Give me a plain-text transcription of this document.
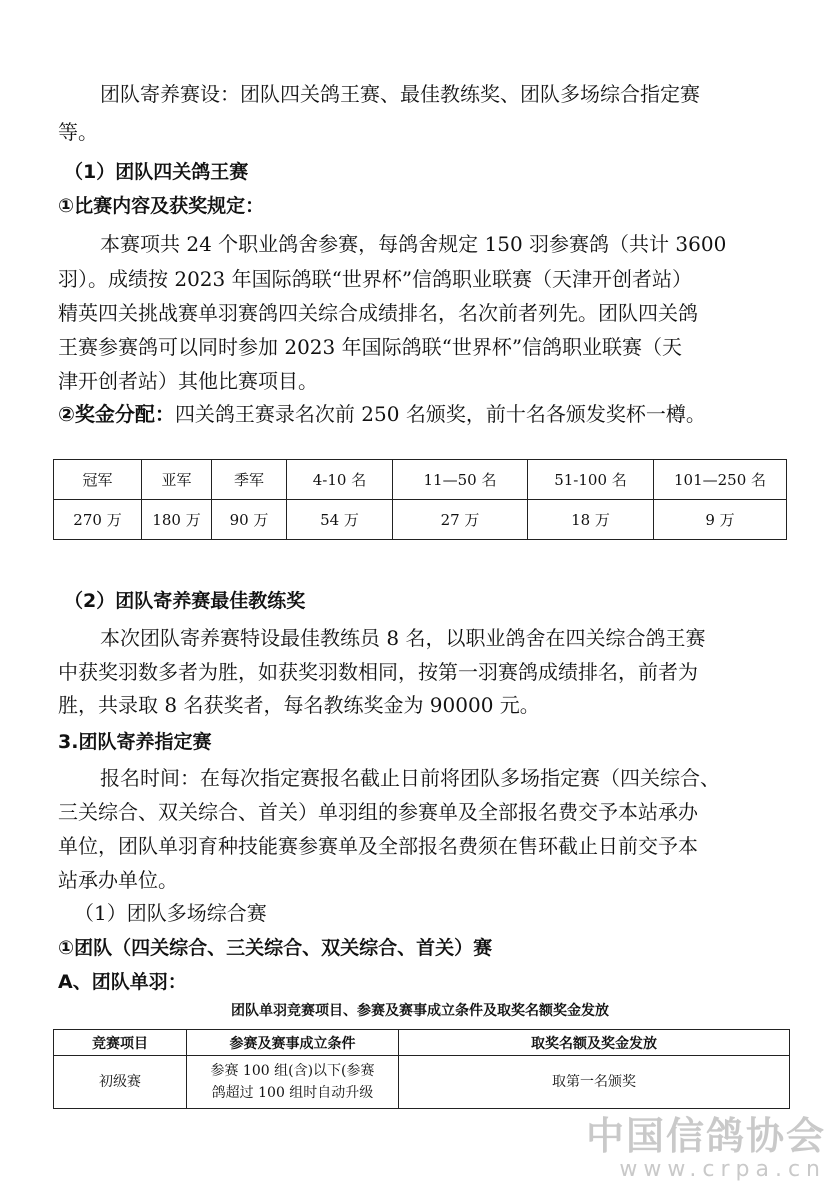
团队寄养赛设：团队四关鸽王赛、最佳教练奖、团队多场综合指定赛
等。
（1）团队四关鸽王赛
①比赛内容及获奖规定：
本赛项共 24 个职业鸽舍参赛，每鸽舍规定 150 羽参赛鸽（共计 3600
羽）。成绩按 2023 年国际鸽联“世界杯”信鸽职业联赛（天津开创者站）
精英四关挑战赛单羽赛鸽四关综合成绩排名，名次前者列先。团队四关鸽
王赛参赛鸽可以同时参加 2023 年国际鸽联“世界杯”信鸽职业联赛（天
津开创者站）其他比赛项目。
②奖金分配：四关鸽王赛录名次前 250 名颁奖，前十名各颁发奖杯一樽。
冠军	亚军	季军	4-10 名	11—50 名	51-100 名	101—250 名
270 万	180 万	90 万	54 万	27 万	18 万	9 万
（2）团队寄养赛最佳教练奖
本次团队寄养赛特设最佳教练员 8 名，以职业鸽舍在四关综合鸽王赛
中获奖羽数多者为胜，如获奖羽数相同，按第一羽赛鸽成绩排名，前者为
胜，共录取 8 名获奖者，每名教练奖金为 90000 元。
3.团队寄养指定赛
报名时间：在每次指定赛报名截止日前将团队多场指定赛（四关综合、
三关综合、双关综合、首关）单羽组的参赛单及全部报名费交予本站承办
单位，团队单羽育种技能赛参赛单及全部报名费须在售环截止日前交予本
站承办单位。
（1）团队多场综合赛
①团队（四关综合、三关综合、双关综合、首关）赛
A、团队单羽：
团队单羽竞赛项目、参赛及赛事成立条件及取奖名额奖金发放
竞赛项目	参赛及赛事成立条件	取奖名额及奖金发放
初级赛	参赛 100 组(含)以下(参赛
鸽超过 100 组时自动升级	取第一名颁奖
中国信鸽协会
www.crpa.cn
